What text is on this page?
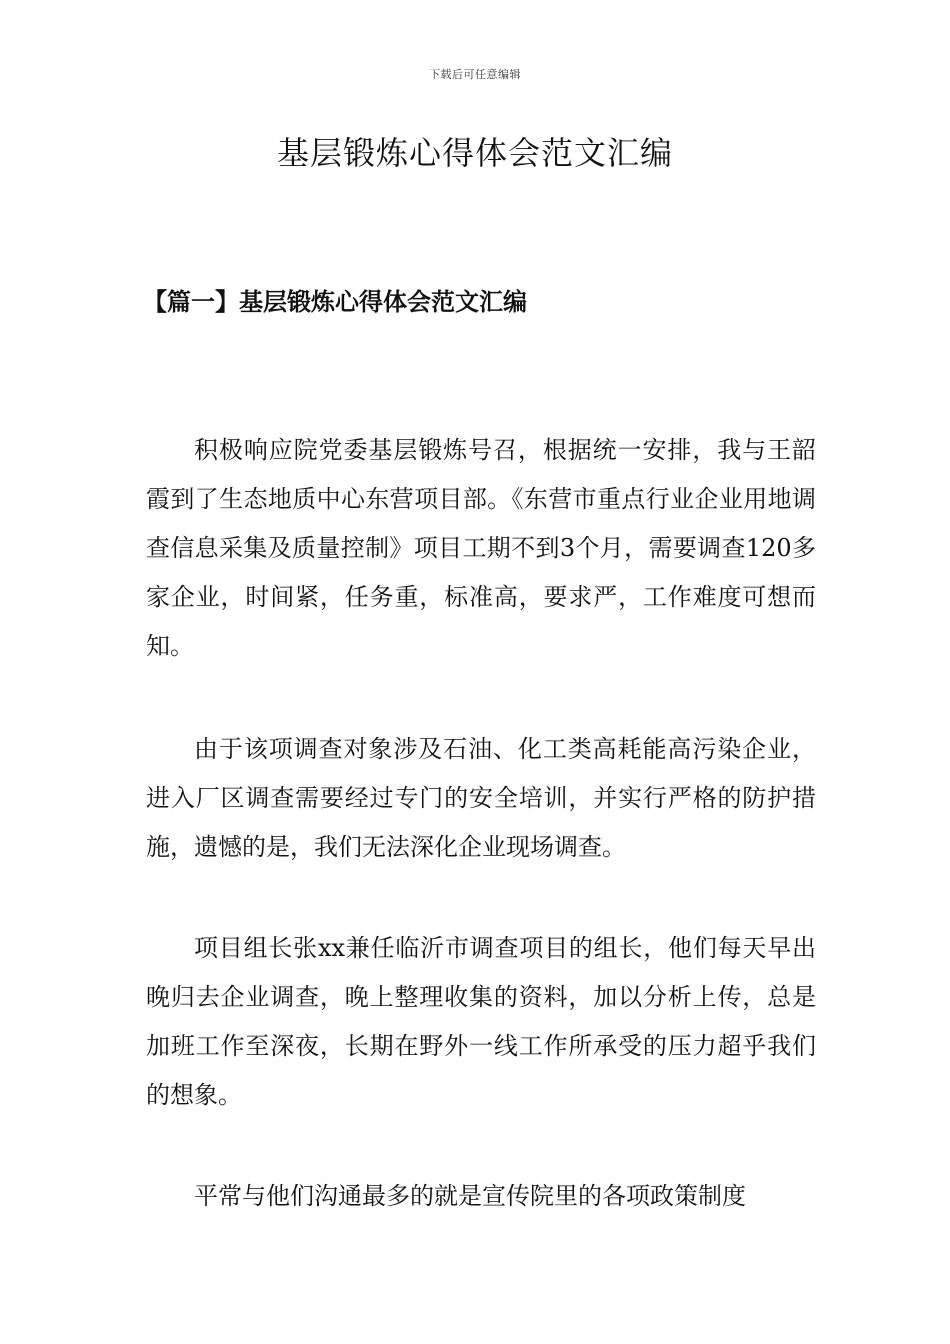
下载后可任意编辑
基层锻炼心得体会范文汇编
【篇一】基层锻炼心得体会范文汇编

积极响应院党委基层锻炼号召，根据统一安排，我与王韶霞到了生态地质中心东营项目部。《东营市重点行业企业用地调查信息采集及质量控制》项目工期不到3个月，需要调查120多家企业，时间紧，任务重，标准高，要求严，工作难度可想而知。

由于该项调查对象涉及石油、化工类高耗能高污染企业，进入厂区调查需要经过专门的安全培训，并实行严格的防护措施，遗憾的是，我们无法深化企业现场调查。

项目组长张xx兼任临沂市调查项目的组长，他们每天早出晚归去企业调查，晚上整理收集的资料，加以分析上传，总是加班工作至深夜，长期在野外一线工作所承受的压力超乎我们的想象。

平常与他们沟通最多的就是宣传院里的各项政策制度
